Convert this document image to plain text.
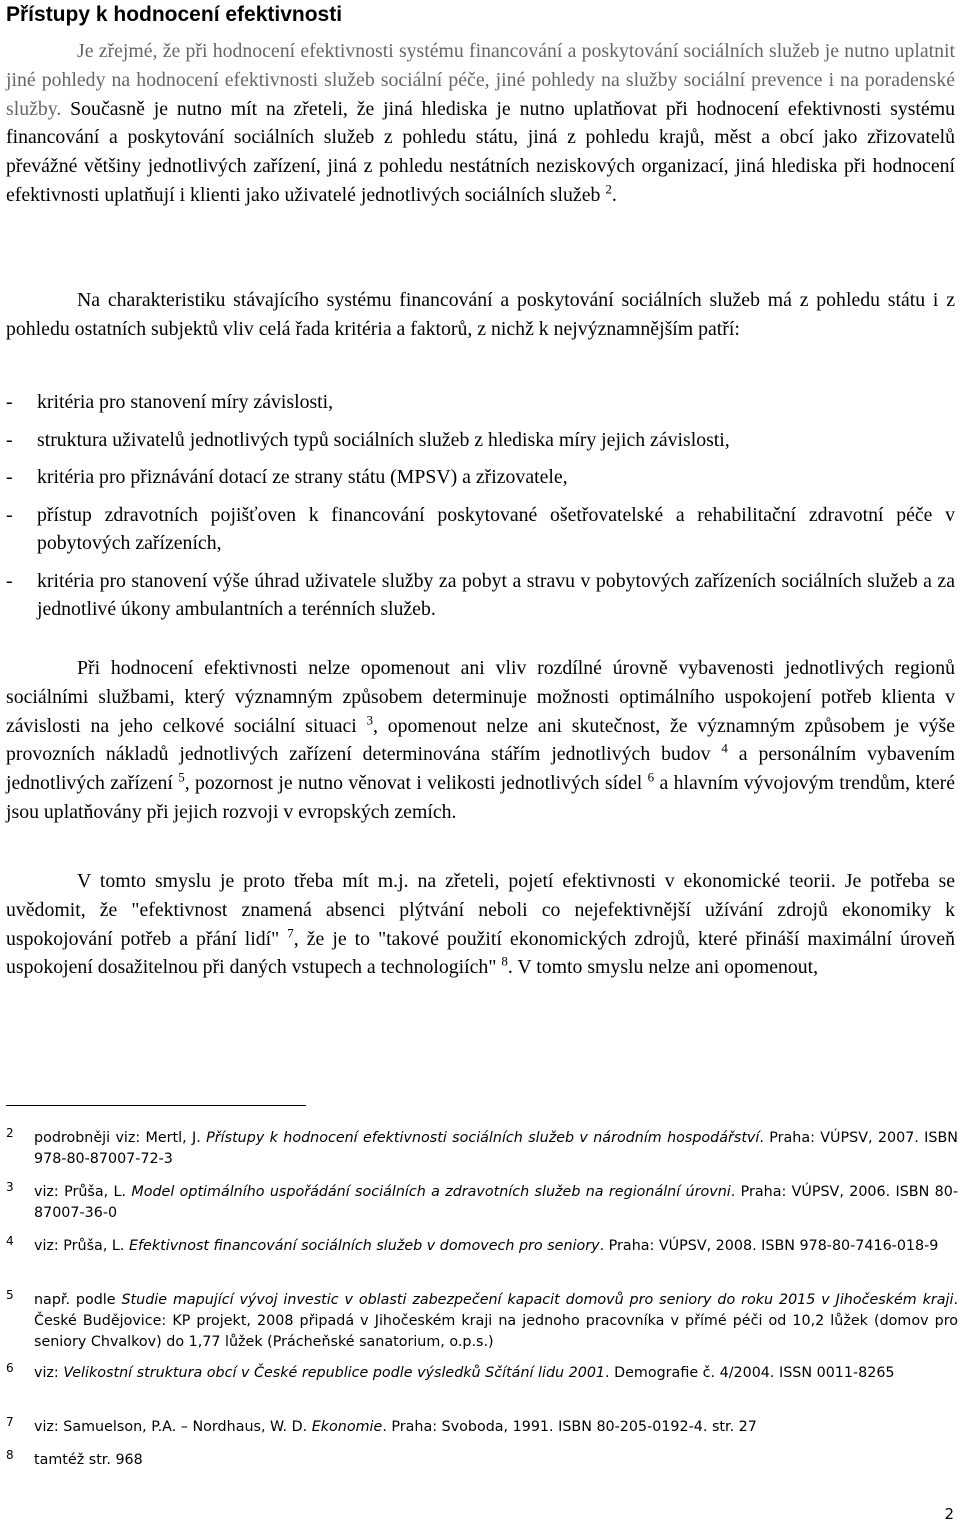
Přístupy k hodnocení efektivnosti

Je zřejmé, že při hodnocení efektivnosti systému financování a poskytování sociálních služeb je nutno uplatnit jiné pohledy na hodnocení efektivnosti služeb sociální péče, jiné pohledy na služby sociální prevence i na poradenské služby. Současně je nutno mít na zřeteli, že jiná hlediska je nutno uplatňovat při hodnocení efektivnosti systému financování a poskytování sociálních služeb z pohledu státu, jiná z pohledu krajů, měst a obcí jako zřizovatelů převážné většiny jednotlivých zařízení, jiná z pohledu nestátních neziskových organizací, jiná hlediska při hodnocení efektivnosti uplatňují i klienti jako uživatelé jednotlivých sociálních služeb $^2$.

Na charakteristiku stávajícího systému financování a poskytování sociálních služeb má z pohledu státu i z pohledu ostatních subjektů vliv celá řada kritéria a faktorů, z nichž k nejvýznamnějším patří:

- kritéria pro stanovení míry závislosti,
- struktura uživatelů jednotlivých typů sociálních služeb z hlediska míry jejich závislosti,
- kritéria pro přiznávání dotací ze strany státu (MPSV) a zřizovatele,
- přístup zdravotních pojišťoven k financování poskytované ošetřovatelské a rehabilitační zdravotní péče v pobytových zařízeních,
- kritéria pro stanovení výše úhrad uživatele služby za pobyt a stravu v pobytových zařízeních sociálních služeb a za jednotlivé úkony ambulantních a terénních služeb.

Při hodnocení efektivnosti nelze opomenout ani vliv rozdílné úrovně vybavenosti jednotlivých regionů sociálními službami, který významným způsobem determinuje možnosti optimálního uspokojení potřeb klienta v závislosti na jeho celkové sociální situaci $^3$, opomenout nelze ani skutečnost, že významným způsobem je výše provozních nákladů jednotlivých zařízení determinována stářím jednotlivých budov $^4$ a personálním vybavením jednotlivých zařízení $^5$, pozornost je nutno věnovat i velikosti jednotlivých sídel $^6$ a hlavním vývojovým trendům, které jsou uplatňovány při jejich rozvoji v evropských zemích.

V tomto smyslu je proto třeba mít m.j. na zřeteli, pojetí efektivnosti v ekonomické teorii. Je potřeba se uvědomit, že "efektivnost znamená absenci plýtvání neboli co nejefektivnější užívání zdrojů ekonomiky k uspokojování potřeb a přání lidí" $^7$, že je to "takové použití ekonomických zdrojů, které přináší maximální úroveň uspokojení dosažitelnou při daných vstupech a technologiích" $^8$. V tomto smyslu nelze ani opomenout,

2 podrobněji viz: Mertl, J. Přístupy k hodnocení efektivnosti sociálních služeb v národním hospodářství. Praha: VÚPSV, 2007. ISBN 978-80-87007-72-3
3 viz: Průša, L. Model optimálního uspořádání sociálních a zdravotních služeb na regionální úrovni. Praha: VÚPSV, 2006. ISBN 80-87007-36-0
4 viz: Průša, L. Efektivnost financování sociálních služeb v domovech pro seniory. Praha: VÚPSV, 2008. ISBN 978-80-7416-018-9
5 např. podle Studie mapující vývoj investic v oblasti zabezpečení kapacit domovů pro seniory do roku 2015 v Jihočeském kraji. České Budějovice: KP projekt, 2008 připadá v Jihočeském kraji na jednoho pracovníka v přímé péči od 10,2 lůžek (domov pro seniory Chvalkov) do 1,77 lůžek (Prácheňské sanatorium, o.p.s.)
6 viz: Velikostní struktura obcí v České republice podle výsledků Sčítání lidu 2001. Demografie č. 4/2004. ISSN 0011-8265
7 viz: Samuelson, P.A. – Nordhaus, W. D. Ekonomie. Praha: Svoboda, 1991. ISBN 80-205-0192-4. str. 27
8 tamtéž str. 968
2
